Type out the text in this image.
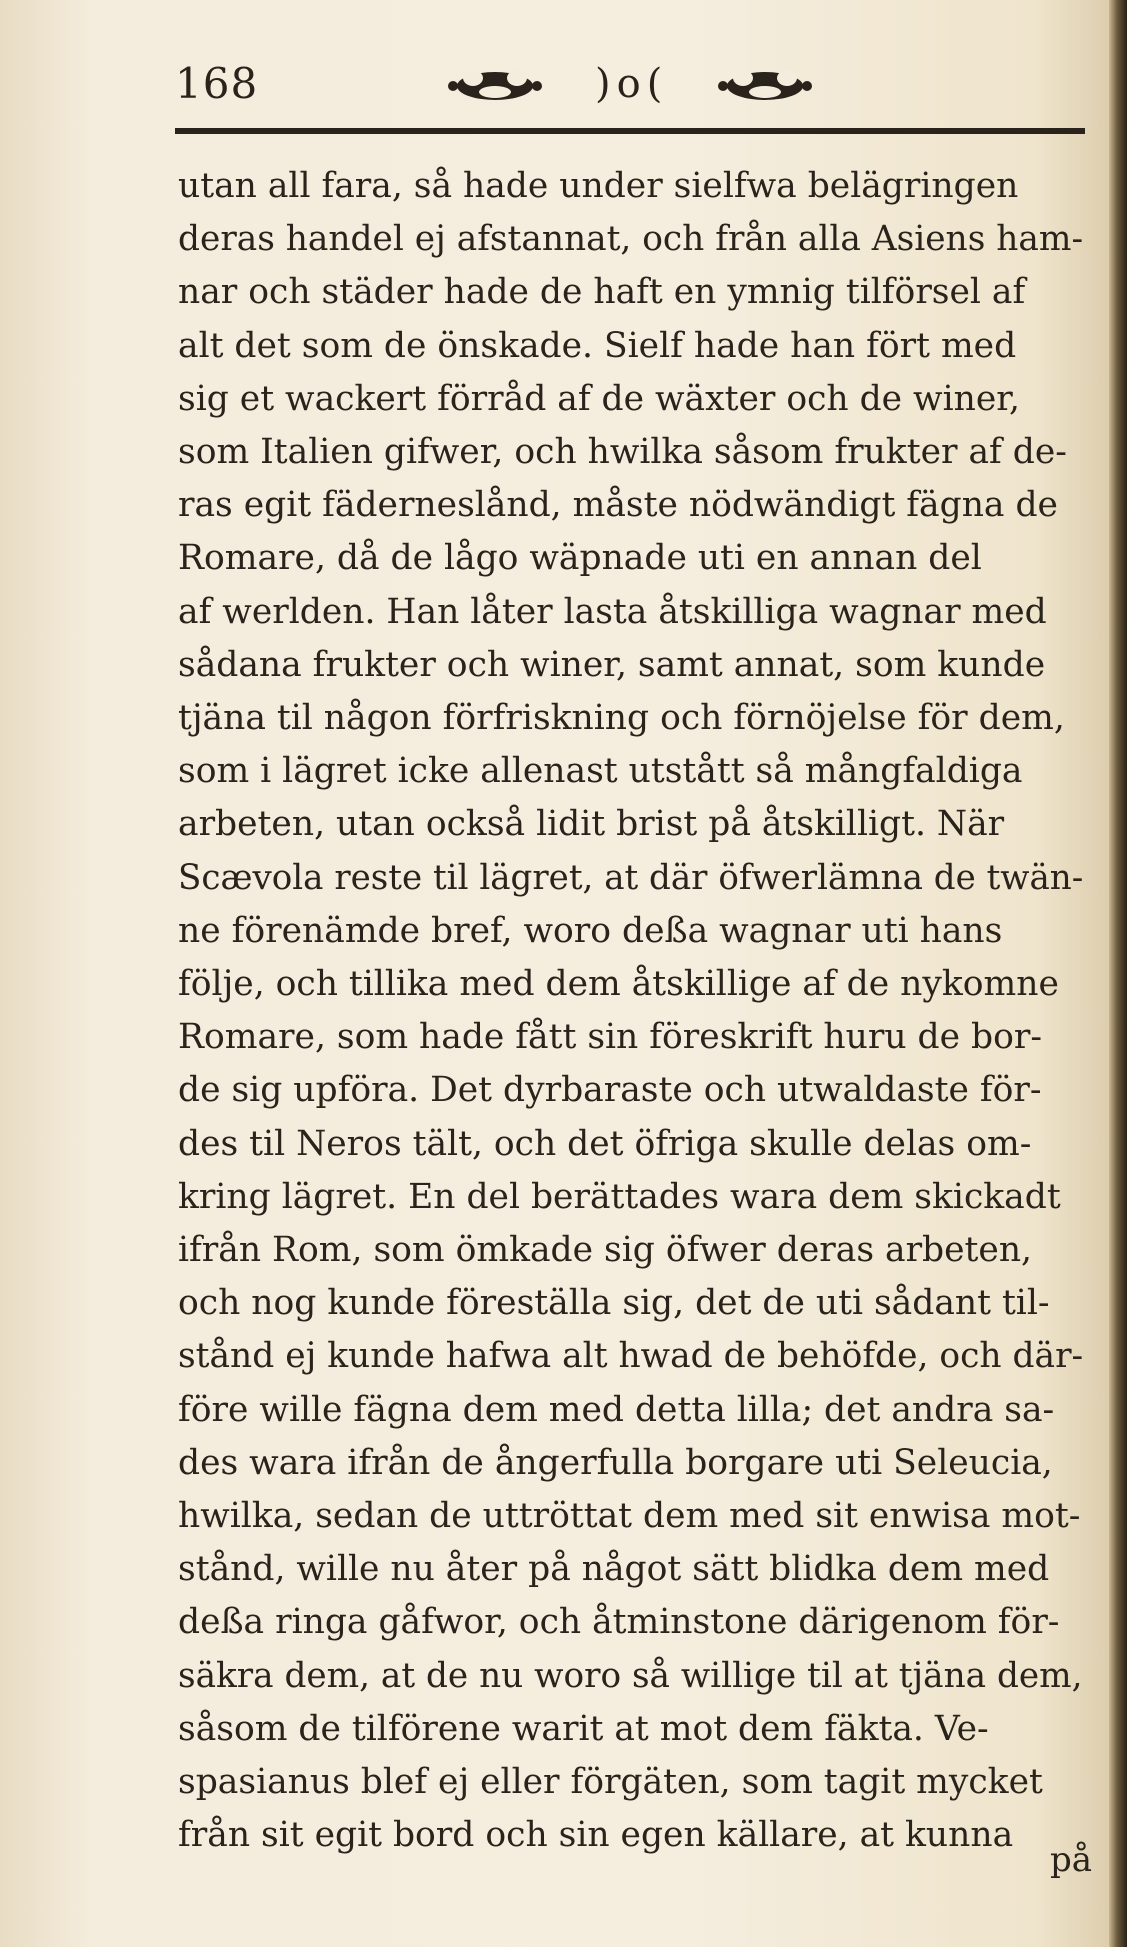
168	)o(
utan all fara, så hade under sielfwa belägringen
deras handel ej afstannat, och från alla Asiens ham-
nar och städer hade de haft en ymnig tilförsel af
alt det som de önskade. Sielf hade han fört med
sig et wackert förråd af de wäxter och de winer,
som Italien gifwer, och hwilka såsom frukter af de-
ras egit fäderneslånd, måste nödwändigt fägna de
Romare, då de lågo wäpnade uti en annan del
af werlden. Han låter lasta åtskilliga wagnar med
sådana frukter och winer, samt annat, som kunde
tjäna til någon förfriskning och förnöjelse för dem,
som i lägret icke allenast utstått så mångfaldiga
arbeten, utan också lidit brist på åtskilligt. När
Scævola reste til lägret, at där öfwerlämna de twän-
ne förenämde bref, woro deßa wagnar uti hans
följe, och tillika med dem åtskillige af de nykomne
Romare, som hade fått sin föreskrift huru de bor-
de sig upföra. Det dyrbaraste och utwaldaste för-
des til Neros tält, och det öfriga skulle delas om-
kring lägret. En del berättades wara dem skickadt
ifrån Rom, som ömkade sig öfwer deras arbeten,
och nog kunde föreställa sig, det de uti sådant til-
stånd ej kunde hafwa alt hwad de behöfde, och där-
före wille fägna dem med detta lilla; det andra sa-
des wara ifrån de ångerfulla borgare uti Seleucia,
hwilka, sedan de uttröttat dem med sit enwisa mot-
stånd, wille nu åter på något sätt blidka dem med
deßa ringa gåfwor, och åtminstone därigenom för-
säkra dem, at de nu woro så willige til at tjäna dem,
såsom de tilförene warit at mot dem fäkta. Ve-
spasianus blef ej eller förgäten, som tagit mycket
från sit egit bord och sin egen källare, at kunna
på
